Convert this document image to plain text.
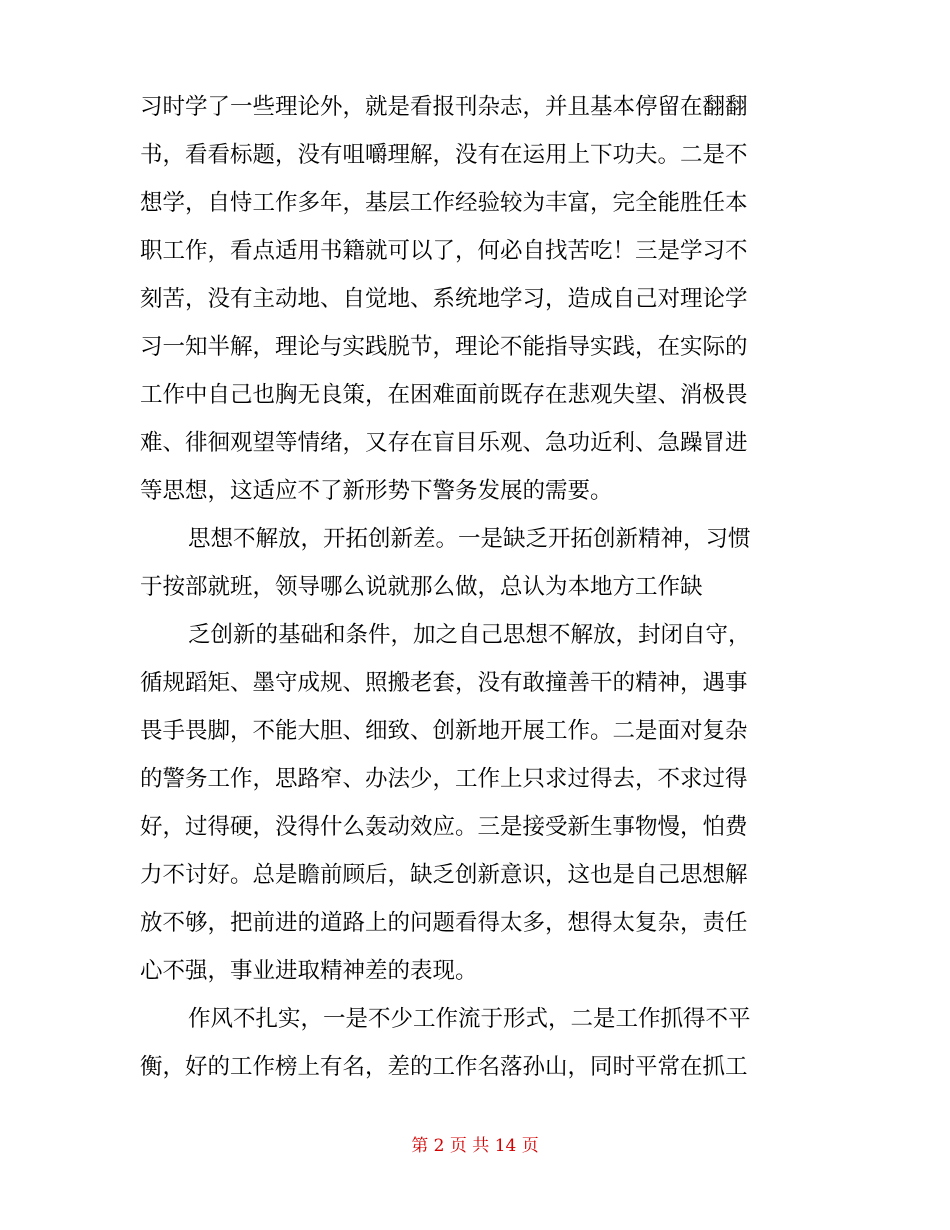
习时学了一些理论外，就是看报刊杂志，并且基本停留在翻翻
书，看看标题，没有咀嚼理解，没有在运用上下功夫。二是不
想学，自恃工作多年，基层工作经验较为丰富，完全能胜任本
职工作，看点适用书籍就可以了，何必自找苦吃！三是学习不
刻苦，没有主动地、自觉地、系统地学习，造成自己对理论学
习一知半解，理论与实践脱节，理论不能指导实践，在实际的
工作中自己也胸无良策，在困难面前既存在悲观失望、消极畏
难、徘徊观望等情绪，又存在盲目乐观、急功近利、急躁冒进
等思想，这适应不了新形势下警务发展的需要。
思想不解放，开拓创新差。一是缺乏开拓创新精神，习惯
于按部就班，领导哪么说就那么做，总认为本地方工作缺
乏创新的基础和条件，加之自己思想不解放，封闭自守，
循规蹈矩、墨守成规、照搬老套，没有敢撞善干的精神，遇事
畏手畏脚，不能大胆、细致、创新地开展工作。二是面对复杂
的警务工作，思路窄、办法少，工作上只求过得去，不求过得
好，过得硬，没得什么轰动效应。三是接受新生事物慢，怕费
力不讨好。总是瞻前顾后，缺乏创新意识，这也是自己思想解
放不够，把前进的道路上的问题看得太多，想得太复杂，责任
心不强，事业进取精神差的表现。
作风不扎实，一是不少工作流于形式，二是工作抓得不平
衡，好的工作榜上有名，差的工作名落孙山，同时平常在抓工
第 2 页 共 14 页
